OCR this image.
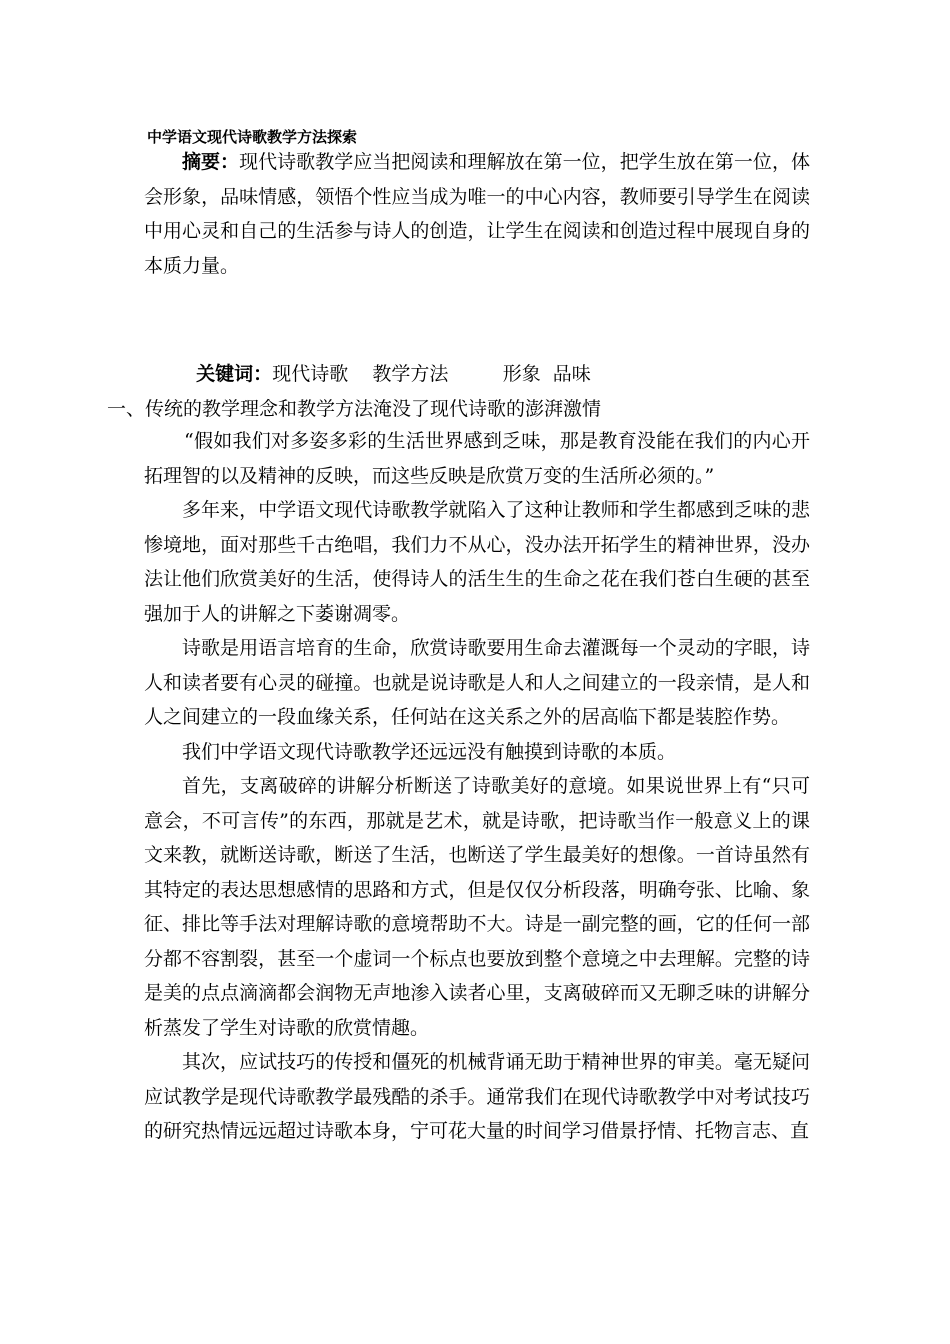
中学语文现代诗歌教学方法探索
摘要：现代诗歌教学应当把阅读和理解放在第一位，把学生放在第一位，体会形象，品味情感，领悟个性应当成为唯一的中心内容，教师要引导学生在阅读中用心灵和自己的生活参与诗人的创造，让学生在阅读和创造过程中展现自身的本质力量。

关键词：现代诗歌    教学方法         形象  品味

一、传统的教学理念和教学方法淹没了现代诗歌的澎湃激情

“假如我们对多姿多彩的生活世界感到乏味，那是教育没能在我们的内心开拓理智的以及精神的反映，而这些反映是欣赏万变的生活所必须的。”

多年来，中学语文现代诗歌教学就陷入了这种让教师和学生都感到乏味的悲惨境地，面对那些千古绝唱，我们力不从心，没办法开拓学生的精神世界，没办法让他们欣赏美好的生活，使得诗人的活生生的生命之花在我们苍白生硬的甚至强加于人的讲解之下萎谢凋零。

诗歌是用语言培育的生命，欣赏诗歌要用生命去灌溉每一个灵动的字眼，诗人和读者要有心灵的碰撞。也就是说诗歌是人和人之间建立的一段亲情，是人和人之间建立的一段血缘关系，任何站在这关系之外的居高临下都是装腔作势。

我们中学语文现代诗歌教学还远远没有触摸到诗歌的本质。

首先，支离破碎的讲解分析断送了诗歌美好的意境。如果说世界上有“只可意会，不可言传”的东西，那就是艺术，就是诗歌，把诗歌当作一般意义上的课文来教，就断送诗歌，断送了生活，也断送了学生最美好的想像。一首诗虽然有其特定的表达思想感情的思路和方式，但是仅仅分析段落，明确夸张、比喻、象征、排比等手法对理解诗歌的意境帮助不大。诗是一副完整的画，它的任何一部分都不容割裂，甚至一个虚词一个标点也要放到整个意境之中去理解。完整的诗是美的点点滴滴都会润物无声地渗入读者心里，支离破碎而又无聊乏味的讲解分析蒸发了学生对诗歌的欣赏情趣。

其次，应试技巧的传授和僵死的机械背诵无助于精神世界的审美。毫无疑问应试教学是现代诗歌教学最残酷的杀手。通常我们在现代诗歌教学中对考试技巧的研究热情远远超过诗歌本身，宁可花大量的时间学习借景抒情、托物言志、直
